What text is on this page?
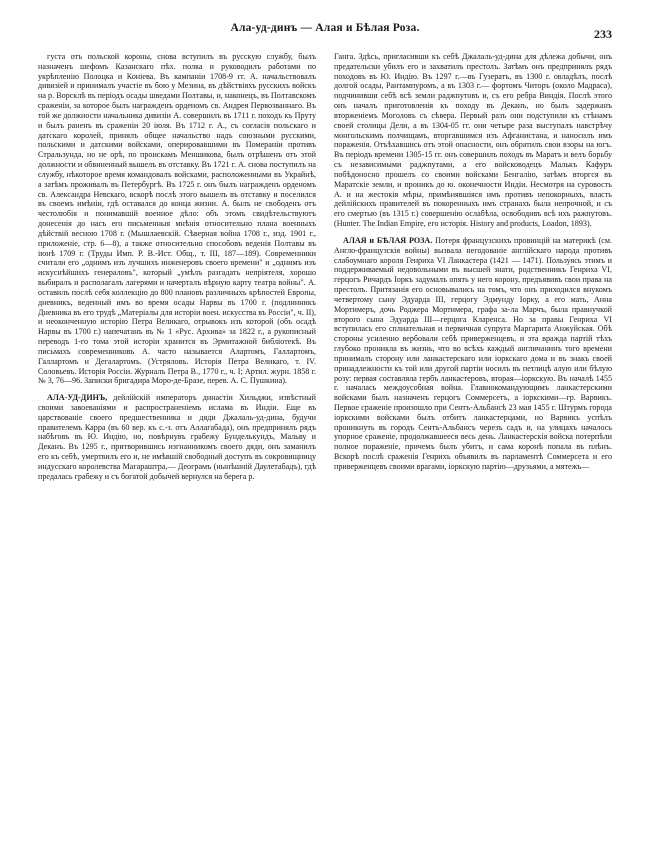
Ала-уд-динъ — Алая и Бѣлая Роза.	233

густа отъ польской короны, снова вступилъ въ русскую службу, былъ назначенъ шефомъ Казанскаго пѣх. полка и руководилъ работами по укрѣпленію Полоцка и Коніева. Въ кампаніи 1708-9 гг. А. начальствовалъ дивизіей и принималъ участіе въ бою у Мезина, въ дѣйствіяхъ русскихъ войскъ на р. Ворсклѣ въ періодъ осады шведами Полтавы, и, наконецъ, въ Полтавскомъ сраженіи, за которое былъ награжденъ орденомъ св. Андрея Первозваннаго. Въ той же должности начальника дивизіи А. совершилъ въ 1711 г. походъ къ Пруту и былъ раненъ въ сраженіи 20 іюля. Въ 1712 г. А., съ согласія польскаго и датскаго королей, принялъ общее начальство надъ союзными русскими, польскими и датскими войсками, оперировавшими въ Помераніи противъ Стральзунда, но не орѣ, по проискамъ Меншикова, былъ отрѣшенъ отъ этой должности и обвиненный вышелъ въ отставку. Въ 1721 г. А. снова поступилъ на службу, нѣкоторое время командовалъ войсками, расположенными въ Украйнѣ, а затѣмъ проживалъ въ Петербургѣ. Въ 1725 г. онъ былъ награжденъ орденомъ св. Александра Невскаго, вскорѣ послѣ этого вышелъ въ отставку и поселился въ своемъ имѣніи, гдѣ оставался до конца жизни. А. былъ не свободенъ отъ честолюбія и понимавшій военное дѣло: объ этомъ свидѣтельствуютъ донесенія до насъ его письменныя мнѣнія относительно плана военныхъ дѣйствій весною 1708 г. (Мышлаевскій. Сѣверная война 1708 г., изд. 1901 г., приложеніе, стр. 6—8), а также относительно способовъ веденія Полтавы въ іюнѣ 1709 г. (Труды Имп. Р. В.-Ист. Общ., т. III, 187—189). Современники считали его „однимъ изъ лучшихъ инженеровъ своего времени" и „однимъ изъ искуснѣйшихъ генераловъ", который „умѣлъ разгадать непріятеля, хорошо выбиралъ и располагалъ лагерями и начерталъ вѣрную карту театра войны". А. оставилъ послѣ себя коллекцію до 800 плановъ различныхъ крѣпостей Европы, дневникъ, веденный имъ во время осады Нарвы въ 1700 г. (подлинникъ Дневника въ его трудѣ „Матеріалы для исторіи воен. искусства въ Россіи", ч. II), и неоконченную исторію Петра Великаго, отрывокъ изъ которой (объ осадѣ Нарвы въ 1700 г.) напечатанъ въ № 1 «Рус. Архива» за 1822 г., а рукописный переводъ 1-го тома этой исторіи хранится въ Эрмитажной библіотекѣ. Въ письмахъ современниковъ А. часто называется Алартомъ, Галлартомъ, Галлартомъ и Дегалартомъ. (Устряловъ. Исторія Петра Великаго, т. IV. Соловьевъ. Исторія Россіи. Журналъ Петра В., 1770 г., ч. I; Артил. журн. 1858 г. № 3, 76—96. Записки бригадира Моро-де-Бразе, перев. А. С. Пушкина).

АЛА-УД-ДИНЪ, дейлійскій императоръ династіи Хильджи, извѣстный своими завоеваніями и распространеніемъ ислама въ Индіи. Еще въ царствованіе своего предшественника и дяди Джалаль-уд-дина, будучи правителемъ Карра (въ 60 вер. къ с.-з. отъ Аллагабада), онъ предпринялъ рядъ набѣговъ въ Ю. Индію, но, повѣрнувъ грабежу Бунделькундъ, Мальву и Деканъ. Въ 1295 г., притворившись изгнанникомъ своего дяди, онъ заманилъ его къ себѣ, умертвилъ его и, не имѣвшій свободный доступъ въ сокровищницу индусскаго королевства Магараштра,— Деограмъ (нынѣшній Даулетабадъ), гдѣ предалась грабежу и съ богатой добычей вернулся на берега р.

Ганга. Здѣсь, пригласивши къ себѣ Джалаль-уд-дина для дѣлежа добычи, онъ предательски убилъ его и захватилъ престолъ. Затѣмъ онъ предпринялъ рядъ походовъ въ Ю. Индію. Въ 1297 г.—въ Гузератъ, въ 1300 г. овладѣлъ, послѣ долгой осады, Рантампуромъ, а въ 1303 г.— фортомъ Читоръ (около Мадраса), подчинивши себѣ всѣ земли раджпутовъ и, съ его ребра Виндія. Послѣ этого онъ началъ приготовленія къ походу въ Деканъ, но былъ задержанъ вторженіемъ Моголовъ съ сѣвера. Первый разъ они подступили къ стѣнамъ своей столицы Дели, а въ 1304-05 гг. они четыре раза выступалъ навстрѣчу монгольскимъ полчищамъ, втоpгавшимся изъ Афганистана, и наносилъ имъ пораженія. Отъѣхавшись отъ этой опасности, онъ обратилъ свои взоры на югъ. Въ періодъ времени 1305-15 гг. онъ совершилъ походъ въ Маратъ и велъ борьбу съ независимыми раджпутами, а его войсководецъ Малькъ Кафуръ побѣдоносно прошелъ со своими войсками Бенгалію, затѣмъ вторгся въ Маратскіе земли, и проникъ до ю. оконечности Индіи. Несмотря на суровость А. и на жестокія мѣры, примѣнявшіяся имъ противъ непокорныхъ, власть дейлійскихъ правителей въ покоренныхъ имъ странахъ была непрочной, и съ его смертью (въ 1315 г.) совершенію ослабѣла, освободивъ всѣ ихъ ражпутовъ. (Hunter. The Indian Empire, его исторія. History and products, Loadon, 1893).

АЛАЯ и БѢЛАЯ РОЗА. Потеря французскихъ провинцій на материкѣ (см. Англо-французскія войны) вызвала негодованіе англійскаго народа противъ слабоумнаго короля Генриха VI Ланкастера (1421 — 1471). Пользуясь этимъ и поддерживаемый недовольными въ высшей знати, родственникъ Генриха VI, герцогъ Ричардъ Іоркъ задумалъ опять у него корону, предъявивъ свои права на престолъ. Притязанія его основывались на томъ, что онъ приходился внукомъ четвертому сыну Эдуарда III, герцогу Эдмунду Іорку, а его мать, Анна Мортимеръ, дочь Роджера Мортимера, графа за-ла Марчъ, была правнучкой второго сына Эдуарда III—герцога Кларенса. Но за правы Генриха VI вступилась его сплиательная и первичная супруга Маргарита Анжуйская. Обѣ стороны усиленно вербовали себѣ приверженцевъ, и эта вражда партій тѣхъ глубоко проникла въ жизнь, что во всѣхъ каждый англичанинъ того времени принималъ сторону или ланкастерскаго или іоркскаго дома и въ знакъ своей принадлежности къ той или другой партіи носилъ въ петлицѣ алую или бѣлую розу: первая составляла гербъ ланкастеровъ, вторая—іоркскую. Въ началѣ 1455 г. началась междоусобная война. Главнокомандующимъ ланкастерскими войсками былъ назначенъ герцогъ Соммерсетъ, а іоркскими—гр. Варвикъ. Первое сраженіе произошло при Сентъ-Альбансѣ 23 мая 1455 г. Штурмъ города іоркскими войсками былъ отбитъ ланкастерцами, но Варвикъ успѣлъ проникнуть въ городъ Сентъ-Альбансъ черезъ садъ и, на улицахъ началось упорное сраженіе, продолжавшееся весь день. Ланкастерскія войска потерпѣли полное пораженіе, причемъ былъ убитъ, и сама коронѣ попала въ плѣнъ. Вскорѣ послѣ сраженія Генрихъ объявилъ въ парламентѣ Соммерсета и его приверженцевъ своими врагами, іоркскую партію—друзьями, а мятежъ—
